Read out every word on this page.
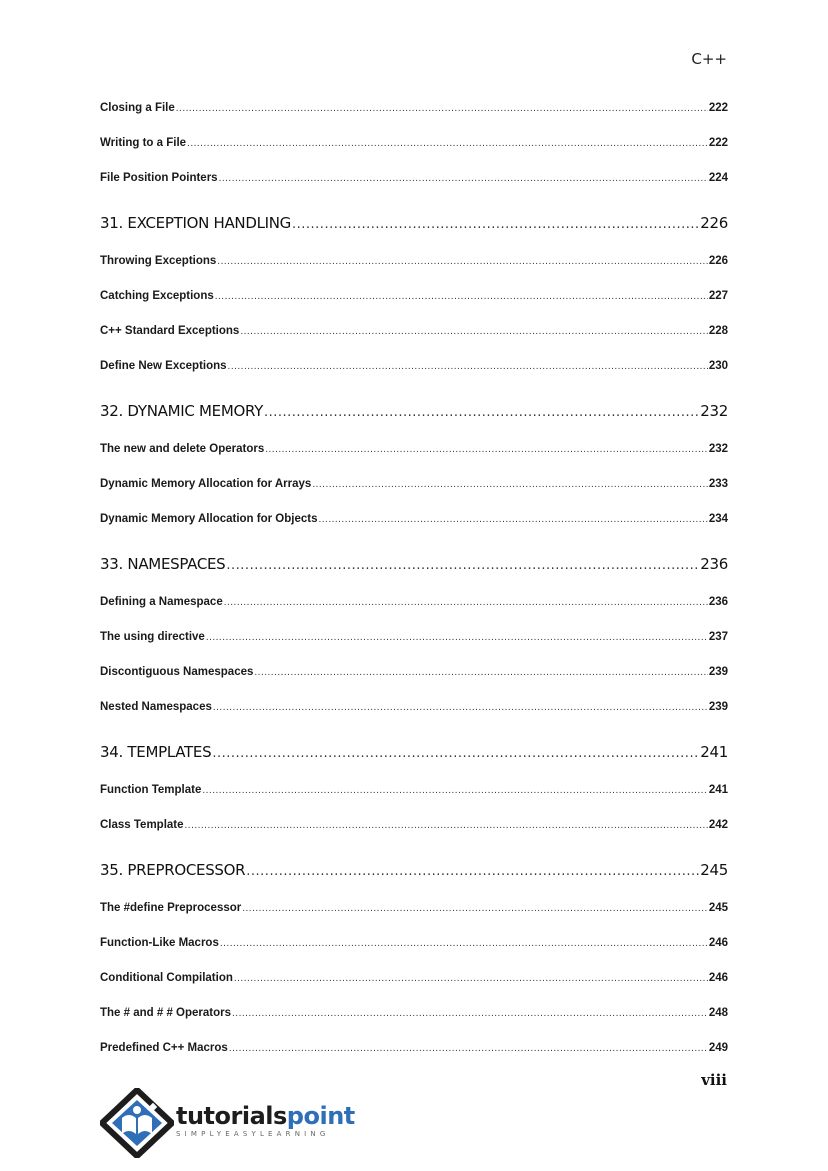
C++
Closing a File .....	222
Writing to a File .....	222
File Position Pointers .....	224
31. EXCEPTION HANDLING .....	226
Throwing Exceptions .....	226
Catching Exceptions .....	227
C++ Standard Exceptions .....	228
Define New Exceptions .....	230
32. DYNAMIC MEMORY .....	232
The new and delete Operators .....	232
Dynamic Memory Allocation for Arrays .....	233
Dynamic Memory Allocation for Objects .....	234
33. NAMESPACES .....	236
Defining a Namespace .....	236
The using directive .....	237
Discontiguous Namespaces .....	239
Nested Namespaces .....	239
34. TEMPLATES .....	241
Function Template .....	241
Class Template .....	242
35. PREPROCESSOR .....	245
The #define Preprocessor .....	245
Function-Like Macros .....	246
Conditional Compilation .....	246
The # and # # Operators .....	248
Predefined C++ Macros .....	249
viii
tutorialspoint
SIMPLYEASYLEARNING
